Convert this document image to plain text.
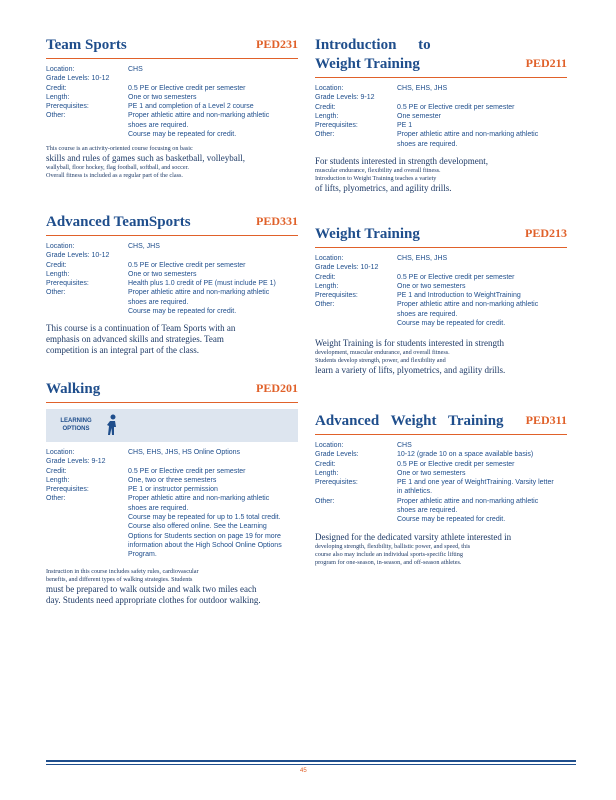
Team Sports	PED231
Location:	CHS
Grade Levels: 10-12
Credit:	0.5 PE or Elective credit per semester
Length:	One or two semesters
Prerequisites:	PE 1 and completion of a Level 2 course
Other:	Proper athletic attire and non-marking athletic
shoes are required.
Course may be repeated for credit.
This course is an activity-oriented course focusing on basic
skills and rules of games such as basketball, volleyball,
wallyball, floor hockey, flag football, softball, and soccer.
Overall fitness is included as a regular part of the class.
Advanced TeamSports	PED331
Location:	CHS, JHS
Grade Levels: 10-12
Credit:	0.5 PE or Elective credit per semester
Length:	One or two semesters
Prerequisites:	Health plus 1.0 credit of PE (must include PE 1)
Other:	Proper athletic attire and non-marking athletic
shoes are required.
Course may be repeated for credit.
This course is a continuation of Team Sports with an
emphasis on advanced skills and strategies. Team
competition is an integral part of the class.
Walking	PED201
LEARNING OPTIONS
Location:	CHS, EHS, JHS, HS Online Options
Grade Levels: 9-12
Credit:	0.5 PE or Elective credit per semester
Length:	One, two or three semesters
Prerequisites:	PE 1 or instructor permission
Other:	Proper athletic attire and non-marking athletic
shoes are required.
Course may be repeated for up to 1.5 total credit.
Course also offered online. See the Learning
Options for Students section on page 19 for more
information about the High School Online Options
Program.
Instruction in this course includes safety rules, cardiovascular
benefits, and different types of walking strategies. Students
must be prepared to walk outside and walk two miles each
day. Students need appropriate clothes for outdoor walking.
Introduction to
Weight Training	PED211
Location:	CHS, EHS, JHS
Grade Levels: 9-12
Credit:	0.5 PE or Elective credit per semester
Length:	One semester
Prerequisites:	PE 1
Other:	Proper athletic attire and non-marking athletic
shoes are required.
For students interested in strength development,
muscular endurance, flexibility and overall fitness.
Introduction to Weight Training teaches a variety
of lifts, plyometrics, and agility drills.
Weight Training	PED213
Location:	CHS, EHS, JHS
Grade Levels: 10-12
Credit:	0.5 PE or Elective credit per semester
Length:	One or two semesters
Prerequisites:	PE 1 and Introduction to WeightTraining
Other:	Proper athletic attire and non-marking athletic
shoes are required.
Course may be repeated for credit.
Weight Training is for students interested in strength
development, muscular endurance, and overall fitness.
Students develop strength, power, and flexibility and
learn a variety of lifts, plyometrics, and agility drills.
Advanced Weight Training PED311
Location:	CHS
Grade Levels:	10-12 (grade 10 on a space available basis)
Credit:	0.5 PE or Elective credit per semester
Length:	One or two semesters
Prerequisites:	PE 1 and one year of WeightTraining. Varsity letter
in athletics.
Other:	Proper athletic attire and non-marking athletic
shoes are required.
Course may be repeated for credit.
Designed for the dedicated varsity athlete interested in
developing strength, flexibility, ballistic power, and speed, this
course also may include an individual sports-specific lifting
program for one-season, in-season, and off-season athletes.
45
